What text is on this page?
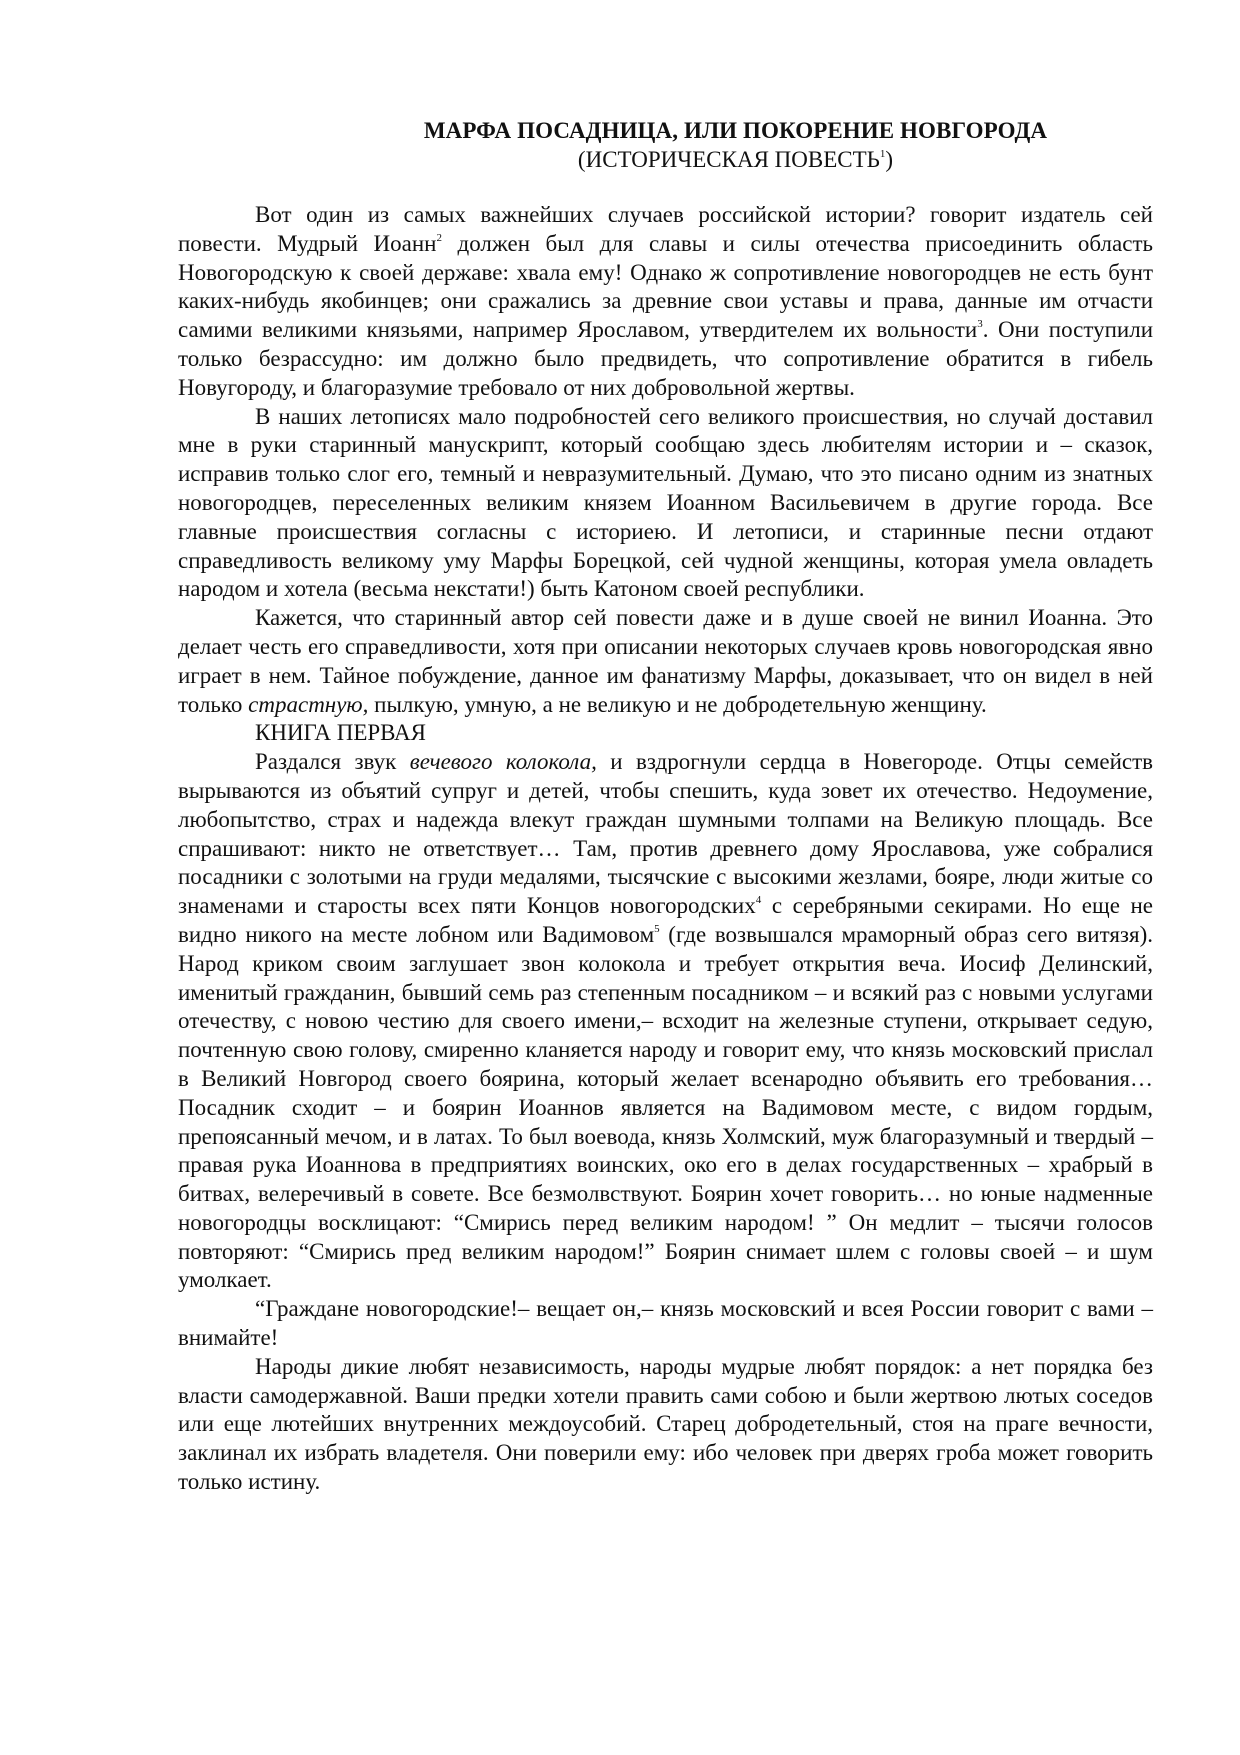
МАРФА ПОСАДНИЦА, ИЛИ ПОКОРЕНИЕ НОВГОРОДА
(ИСТОРИЧЕСКАЯ ПОВЕСТЬ$^1$)

Вот один из самых важнейших случаев российской истории? говорит издатель сей повести. Мудрый Иоанн$^2$ должен был для славы и силы отечества присоединить область Новогородскую к своей державе: хвала ему! Однако ж сопротивление новогородцев не есть бунт каких-нибудь якобинцев; они сражались за древние свои уставы и права, данные им отчасти самими великими князьями, например Ярославом, утвердителем их вольности$^3$. Они поступили только безрассудно: им должно было предвидеть, что сопротивление обратится в гибель Новугороду, и благоразумие требовало от них добровольной жертвы.

В наших летописях мало подробностей сего великого происшествия, но случай доставил мне в руки старинный манускрипт, который сообщаю здесь любителям истории и – сказок, исправив только слог его, темный и невразумительный. Думаю, что это писано одним из знатных новогородцев, переселенных великим князем Иоанном Васильевичем в другие города. Все главные происшествия согласны с историею. И летописи, и старинные песни отдают справедливость великому уму Марфы Борецкой, сей чудной женщины, которая умела овладеть народом и хотела (весьма некстати!) быть Катоном своей республики.

Кажется, что старинный автор сей повести даже и в душе своей не винил Иоанна. Это делает честь его справедливости, хотя при описании некоторых случаев кровь новогородская явно играет в нем. Тайное побуждение, данное им фанатизму Марфы, доказывает, что он видел в ней только страстную, пылкую, умную, а не великую и не добродетельную женщину.

КНИГА ПЕРВАЯ

Раздался звук вечевого колокола, и вздрогнули сердца в Новегороде. Отцы семейств вырываются из объятий супруг и детей, чтобы спешить, куда зовет их отечество. Недоумение, любопытство, страх и надежда влекут граждан шумными толпами на Великую площадь. Все спрашивают: никто не ответствует… Там, против древнего дому Ярославова, уже собралися посадники с золотыми на груди медалями, тысячские с высокими жезлами, бояре, люди житые со знаменами и старосты всех пяти Концов новогородских$^4$ с серебряными секирами. Но еще не видно никого на месте лобном или Вадимовом$^5$ (где возвышался мраморный образ сего витязя). Народ криком своим заглушает звон колокола и требует открытия веча. Иосиф Делинский, именитый гражданин, бывший семь раз степенным посадником – и всякий раз с новыми услугами отечеству, с новою честию для своего имени,– всходит на железные ступени, открывает седую, почтенную свою голову, смиренно кланяется народу и говорит ему, что князь московский прислал в Великий Новгород своего боярина, который желает всенародно объявить его требования… Посадник сходит – и боярин Иоаннов является на Вадимовом месте, с видом гордым, препоясанный мечом, и в латах. То был воевода, князь Холмский, муж благоразумный и твердый – правая рука Иоаннова в предприятиях воинских, око его в делах государственных – храбрый в битвах, велеречивый в совете. Все безмолвствуют. Боярин хочет говорить… но юные надменные новогородцы восклицают: “Смирись перед великим народом! ” Он медлит – тысячи голосов повторяют: “Смирись пред великим народом!” Боярин снимает шлем с головы своей – и шум умолкает.

“Граждане новогородские!– вещает он,– князь московский и всея России говорит с вами – внимайте!

Народы дикие любят независимость, народы мудрые любят порядок: а нет порядка без власти самодержавной. Ваши предки хотели править сами собою и были жертвою лютых соседов или еще лютейших внутренних междоусобий. Старец добродетельный, стоя на праге вечности, заклинал их избрать владетеля. Они поверили ему: ибо человек при дверях гроба может говорить только истину.
